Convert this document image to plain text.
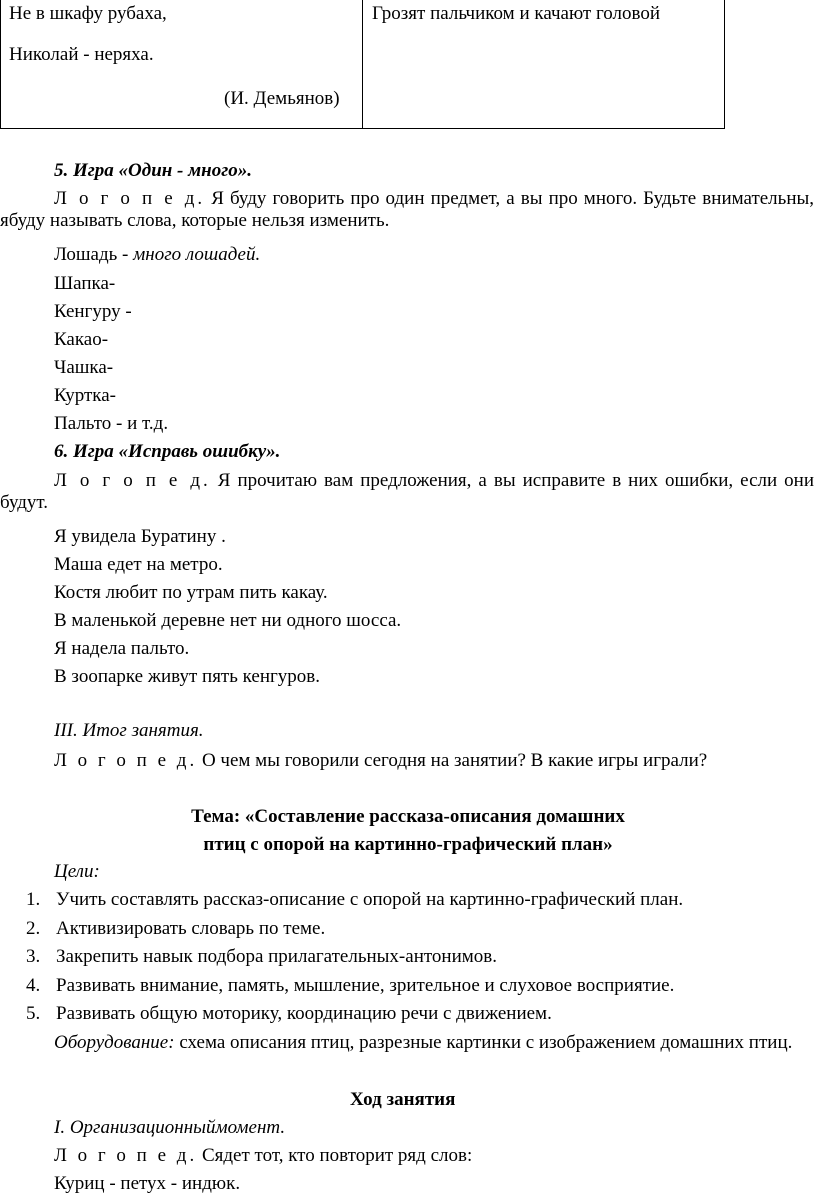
Не в шкафу рубаха,
Николай - неряха.
(И. Демьянов)
Грозят пальчиком и качают головой
5. Игра «Один - много».
Л о г о п е д. Я буду говорить про один предмет, а вы про много. Будьте внимательны, ябуду называть слова, которые нельзя изменить.
Лошадь - много лошадей.
Шапка-
Кенгуру -
Какао-
Чашка-
Куртка-
Пальто - и т.д.
6. Игра «Исправь ошибку».
Л о г о п е д. Я прочитаю вам предложения, а вы исправите в них ошибки, если они будут.
Я увидела Буратину .
Маша едет на метро.
Костя любит по утрам пить какау.
В маленькой деревне нет ни одного шосса.
Я надела пальто.
В зоопарке живут пять кенгуров.
III. Итог занятия.
Л о г о п е д. О чем мы говорили сегодня на занятии? В какие игры играли?
Тема: «Составление рассказа-описания домашних
птиц с опорой на картинно-графический план»
Цели:
1. Учить составлять рассказ-описание с опорой на картинно-графический план.
2. Активизировать словарь по теме.
3. Закрепить навык подбора прилагательных-антонимов.
4. Развивать внимание, память, мышление, зрительное и слуховое восприятие.
5. Развивать общую моторику, координацию речи с движением.
Оборудование: схема описания птиц, разрезные картинки с изображением домашних птиц.
Ход занятия
I. Организационныймомент.
Л о г о п е д. Сядет тот, кто повторит ряд слов:
Куриц - петух - индюк.
